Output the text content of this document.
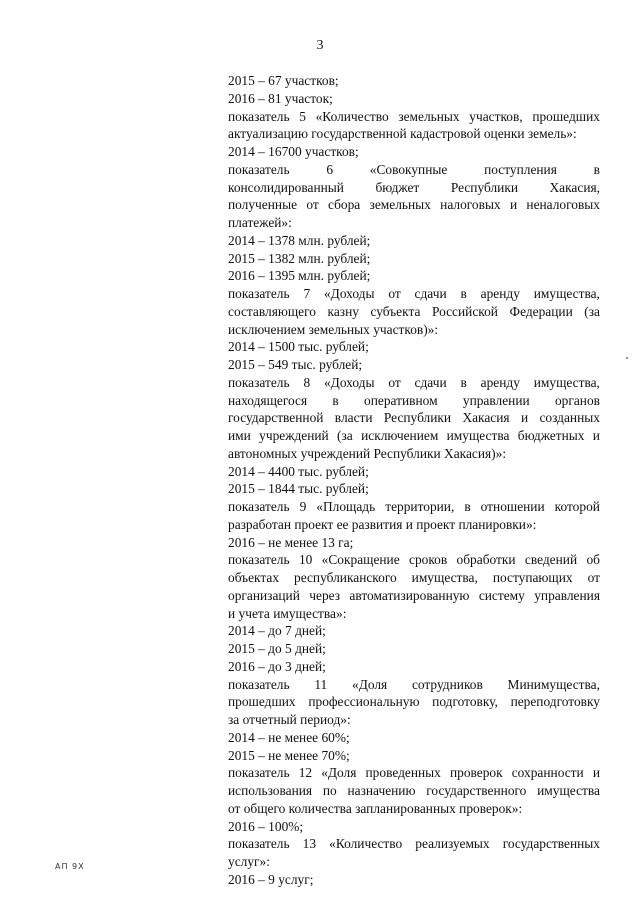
3
2015 – 67 участков;
2016 – 81 участок;
показатель 5 «Количество земельных участков, прошедших
актуализацию государственной кадастровой оценки земель»:
2014 – 16700 участков;
показатель	6	«Совокупные	поступления	в
консолидированный бюджет Республики Хакасия,
полученные от сбора земельных налоговых и неналоговых
платежей»:
2014 – 1378 млн. рублей;
2015 – 1382 млн. рублей;
2016 – 1395 млн. рублей;
показатель 7 «Доходы от сдачи в аренду имущества,
составляющего казну субъекта Российской Федерации (за
исключением земельных участков)»:
2014 – 1500 тыс. рублей;
2015 – 549 тыс. рублей;
показатель 8 «Доходы от сдачи в аренду имущества,
находящегося в оперативном управлении органов
государственной власти Республики Хакасия и созданных
ими учреждений (за исключением имущества бюджетных и
автономных учреждений Республики Хакасия)»:
2014 – 4400 тыс. рублей;
2015 – 1844 тыс. рублей;
показатель 9 «Площадь территории, в отношении которой
разработан проект ее развития и проект планировки»:
2016 – не менее 13 га;
показатель 10 «Сокращение сроков обработки сведений об
объектах республиканского имущества, поступающих от
организаций через автоматизированную систему управления
и учета имущества»:
2014 – до 7 дней;
2015 – до 5 дней;
2016 – до 3 дней;
показатель 11 «Доля сотрудников Минимущества,
прошедших профессиональную подготовку, переподготовку
за отчетный период»:
2014 – не менее 60%;
2015 – не менее 70%;
показатель 12 «Доля проведенных проверок сохранности и
использования по назначению государственного имущества
от общего количества запланированных проверок»:
2016 – 100%;
показатель 13 «Количество реализуемых государственных
услуг»:
2016 – 9 услуг;
АП 9Х
